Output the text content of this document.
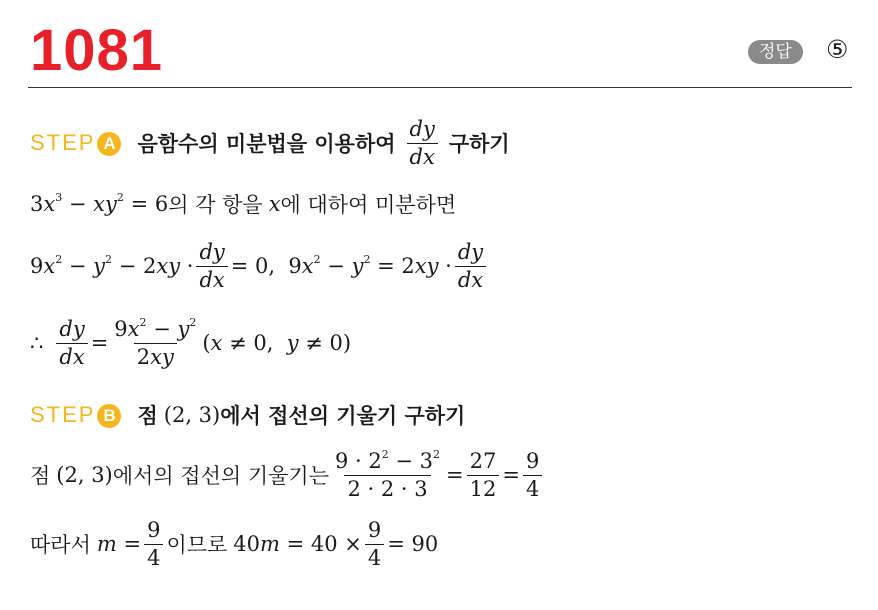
1081	정답	⑤
STEP A 음함수의 미분법을 이용하여 $\frac{dy}{dx}$ 구하기
$3x^3 - xy^2 = 6$ 의 각 항을 x 에 대하여 미분하면
$9x^2 - y^2 - 2xy \cdot \frac{dy}{dx} = 0$,  $9x^2 - y^2 = 2xy \cdot \frac{dy}{dx}$
∴ $\frac{dy}{dx} = \frac{9x^2 - y^2}{2xy} (x \ne 0$,  y ≠ 0)
STEP B 점 (2, 3) 에서 접선의 기울기 구하기
점 (2, 3) 에서의 접선의 기울기는 $\frac{9 \cdot 2^2 - 3^2}{2 \cdot 2 \cdot 3} = \frac{27}{12} = \frac{9}{4}$
따라서 $m = \frac{9}{4}$ 이므로 $40m = 40 \times \frac{9}{4} = 90$
